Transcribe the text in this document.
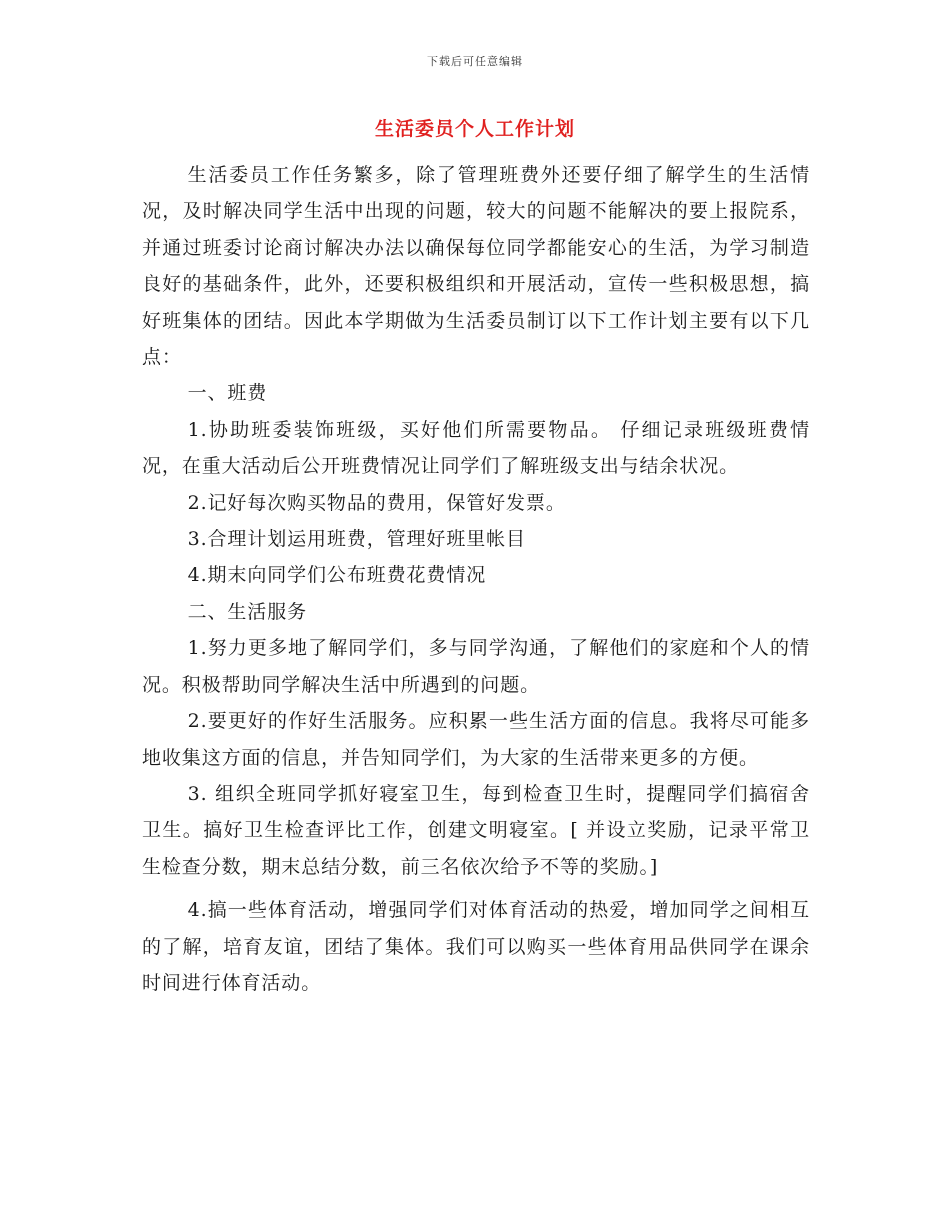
下载后可任意编辑
生活委员个人工作计划

生活委员工作任务繁多，除了管理班费外还要仔细了解学生的生活情况，及时解决同学生活中出现的问题，较大的问题不能解决的要上报院系，并通过班委讨论商讨解决办法以确保每位同学都能安心的生活，为学习制造良好的基础条件，此外，还要积极组织和开展活动，宣传一些积极思想，搞好班集体的团结。因此本学期做为生活委员制订以下工作计划主要有以下几点：

一、班费

1.协助班委装饰班级，买好他们所需要物品。 仔细记录班级班费情况，在重大活动后公开班费情况让同学们了解班级支出与结余状况。

2.记好每次购买物品的费用，保管好发票。

3.合理计划运用班费，管理好班里帐目

4.期末向同学们公布班费花费情况

二、生活服务

1.努力更多地了解同学们，多与同学沟通，了解他们的家庭和个人的情况。积极帮助同学解决生活中所遇到的问题。

2.要更好的作好生活服务。应积累一些生活方面的信息。我将尽可能多地收集这方面的信息，并告知同学们，为大家的生活带来更多的方便。

3. 组织全班同学抓好寝室卫生，每到检查卫生时，提醒同学们搞宿舍卫生。搞好卫生检查评比工作，创建文明寝室。[ 并设立奖励，记录平常卫生检查分数，期末总结分数，前三名依次给予不等的奖励。]

4.搞一些体育活动，增强同学们对体育活动的热爱，增加同学之间相互的了解，培育友谊，团结了集体。我们可以购买一些体育用品供同学在课余时间进行体育活动。
